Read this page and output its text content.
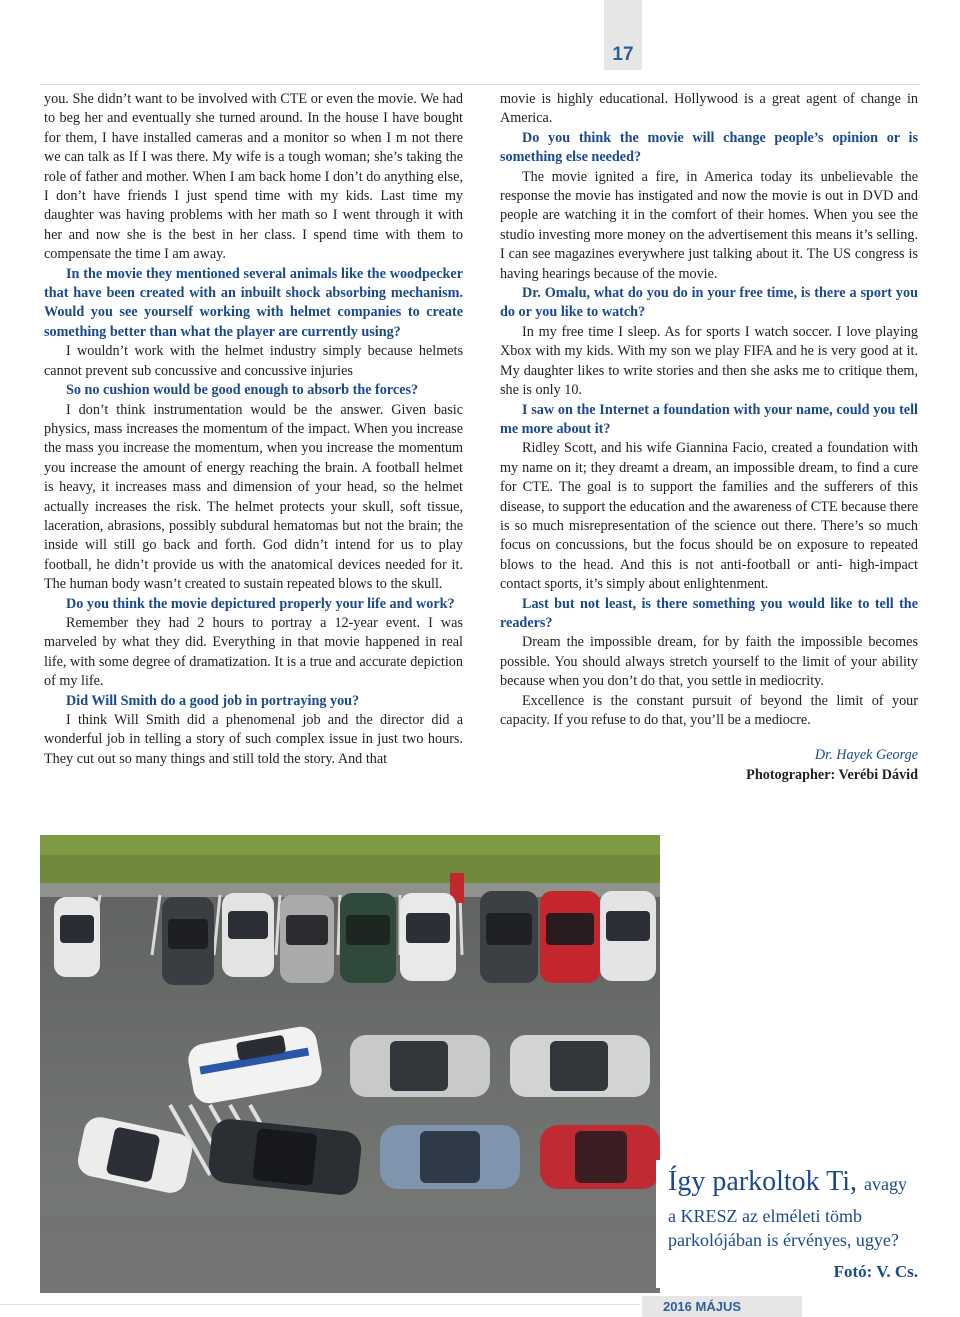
17

you. She didn’t want to be involved with CTE or even the movie. We had to beg her and eventually she turned around. In the house I have bought for them, I have installed cameras and a monitor so when I m not there we can talk as If I was there. My wife is a tough woman; she’s taking the role of father and mother. When I am back home I don’t do anything else, I don’t have friends I just spend time with my kids. Last time my daughter was having problems with her math so I went through it with her and now she is the best in her class. I spend time with them to compensate the time I am away.

In the movie they mentioned several animals like the woodpecker that have been created with an inbuilt shock absorbing mechanism. Would you see yourself working with helmet companies to create something better than what the player are currently using?

I wouldn’t work with the helmet industry simply because helmets cannot prevent sub concussive and concussive injuries

So no cushion would be good enough to absorb the forces?

I don’t think instrumentation would be the answer. Given basic physics, mass increases the momentum of the impact. When you increase the mass you increase the momentum, when you increase the momentum you increase the amount of energy reaching the brain. A football helmet is heavy, it increases mass and dimension of your head, so the helmet actually increases the risk. The helmet protects your skull, soft tissue, laceration, abrasions, possibly subdural hematomas but not the brain; the inside will still go back and forth. God didn’t intend for us to play football, he didn’t provide us with the anatomical devices needed for it. The human body wasn’t created to sustain repeated blows to the skull.

Do you think the movie depictured properly your life and work?

Remember they had 2 hours to portray a 12-year event. I was marveled by what they did. Everything in that movie happened in real life, with some degree of dramatization. It is a true and accurate depiction of my life.

Did Will Smith do a good job in portraying you?

I think Will Smith did a phenomenal job and the director did a wonderful job in telling a story of such complex issue in just two hours. They cut out so many things and still told the story. And that

movie is highly educational. Hollywood is a great agent of change in America.

Do you think the movie will change people’s opinion or is something else needed?

The movie ignited a fire, in America today its unbelievable the response the movie has instigated and now the movie is out in DVD and people are watching it in the comfort of their homes. When you see the studio investing more money on the advertisement this means it’s selling. I can see magazines everywhere just talking about it. The US congress is having hearings because of the movie.

Dr. Omalu, what do you do in your free time, is there a sport you do or you like to watch?

In my free time I sleep. As for sports I watch soccer. I love playing Xbox with my kids. With my son we play FIFA and he is very good at it. My daughter likes to write stories and then she asks me to critique them, she is only 10.

I saw on the Internet a foundation with your name, could you tell me more about it?

Ridley Scott, and his wife Giannina Facio, created a foundation with my name on it; they dreamt a dream, an impossible dream, to find a cure for CTE. The goal is to support the families and the sufferers of this disease, to support the education and the awareness of CTE because there is so much misrepresentation of the science out there. There’s so much focus on concussions, but the focus should be on exposure to repeated blows to the head. And this is not anti-football or anti- high-impact contact sports, it’s simply about enlightenment.

Last but not least, is there something you would like to tell the readers?

Dream the impossible dream, for by faith the impossible becomes possible. You should always stretch yourself to the limit of your ability because when you don’t do that, you settle in mediocrity.

Excellence is the constant pursuit of beyond the limit of your capacity. If you refuse to do that, you’ll be a mediocre.

Dr. Hayek George

Photographer: Verébi Dávid

Így parkoltok Ti, avagy
a KRESZ az elméleti tömb
parkolójában is érvényes, ugye?
Fotó: V. Cs.
2016 MÁJUS
